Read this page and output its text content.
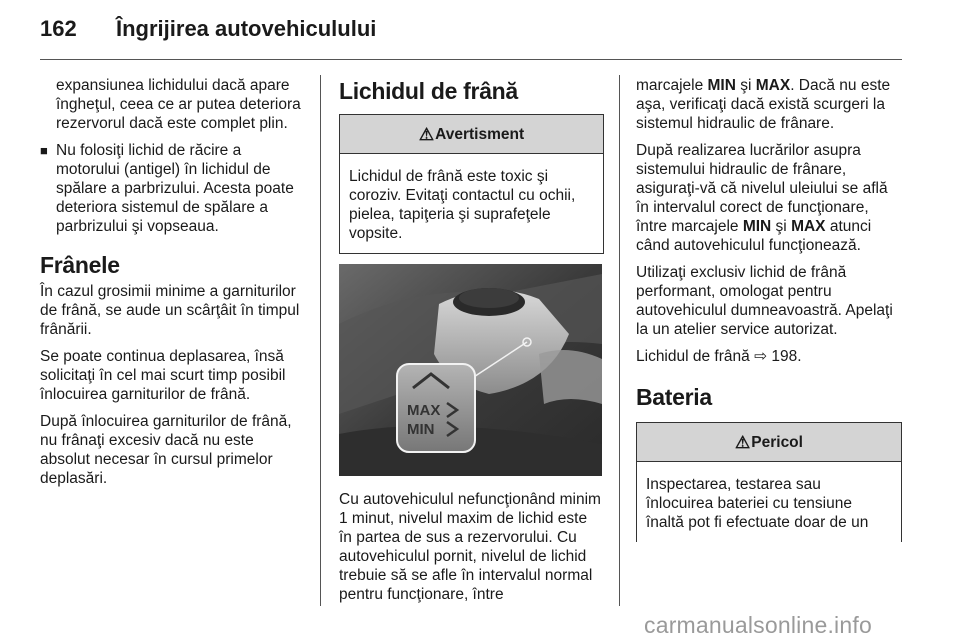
162 Îngrijirea autovehiculului

expansiunea lichidului dacă apare îngheţul, ceea ce ar putea deteriora rezervorul dacă este complet plin.

■ Nu folosiţi lichid de răcire a motorului (antigel) în lichidul de spălare a parbrizului. Acesta poate deteriora sistemul de spălare a parbrizului şi vopseaua.
Frânele

În cazul grosimii minime a garniturilor de frână, se aude un scârţâit în timpul frânării.

Se poate continua deplasarea, însă solicitaţi în cel mai scurt timp posibil înlocuirea garniturilor de frână.

După înlocuirea garniturilor de frână, nu frânaţi excesiv dacă nu este absolut necesar în cursul primelor deplasări.

Lichidul de frână
⚠ Avertisment
Lichidul de frână este toxic şi coroziv. Evitaţi contactul cu ochii, pielea, tapiţeria şi suprafeţele vopsite.
MAX
MIN

Cu autovehiculul nefuncţionând minim 1 minut, nivelul maxim de lichid este în partea de sus a rezervorului. Cu autovehiculul pornit, nivelul de lichid trebuie să se afle în intervalul normal pentru funcţionare, între

marcajele MIN şi MAX. Dacă nu este aşa, verificaţi dacă există scurgeri la sistemul hidraulic de frânare.

După realizarea lucrărilor asupra sistemului hidraulic de frânare, asiguraţi-vă că nivelul uleiului se află în intervalul corect de funcţionare, între marcajele MIN şi MAX atunci când autovehiculul funcţionează.

Utilizaţi exclusiv lichid de frână performant, omologat pentru autovehiculul dumneavoastră. Apelaţi la un atelier service autorizat.

Lichidul de frână ⇨ 198.

Bateria
⚠ Pericol
Inspectarea, testarea sau înlocuirea bateriei cu tensiune înaltă pot fi efectuate doar de un
carmanualsonline.info
